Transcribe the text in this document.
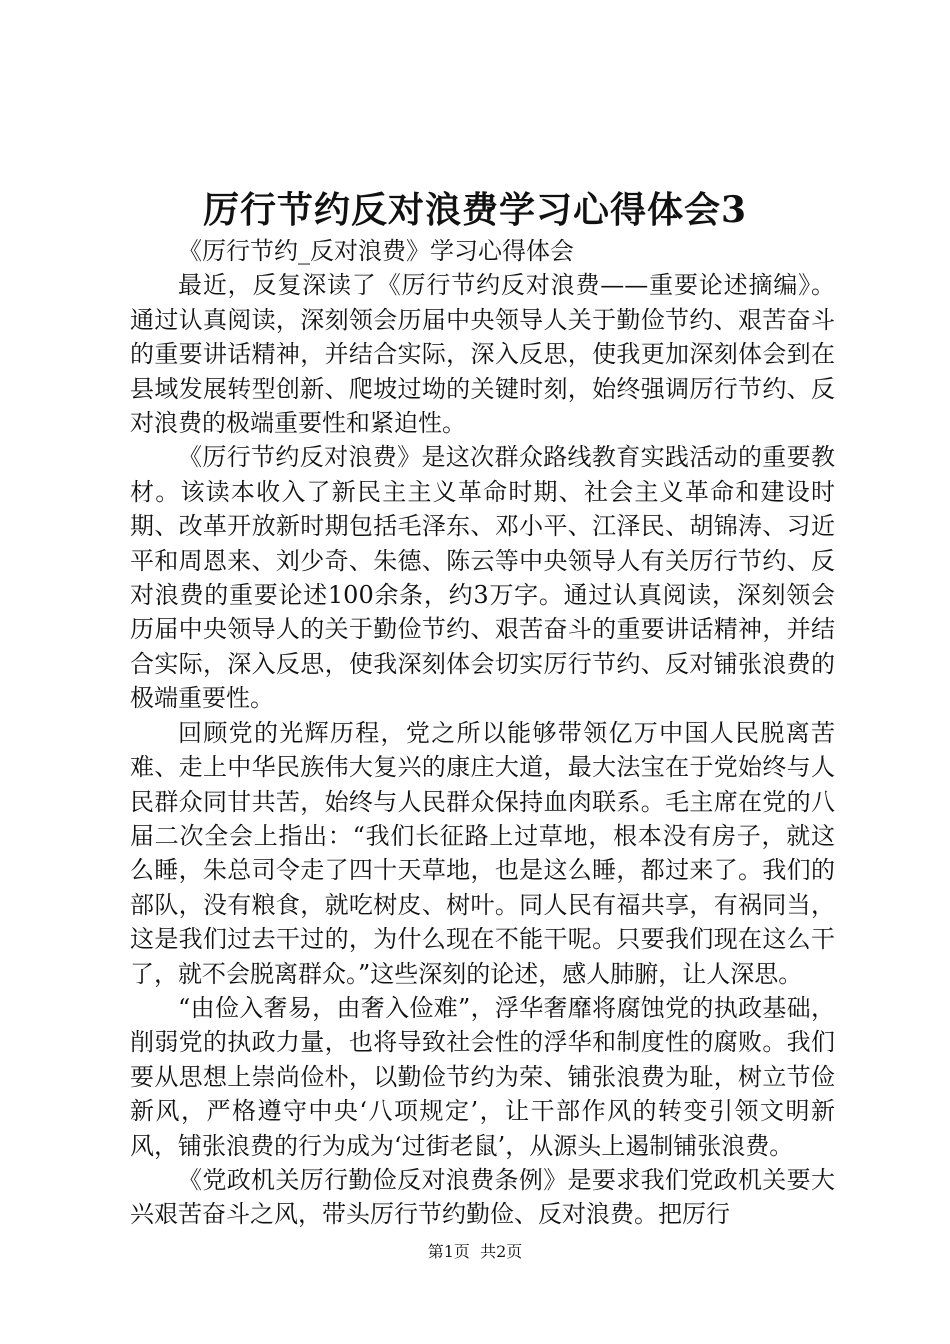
厉行节约反对浪费学习心得体会3

《厉行节约_反对浪费》学习心得体会

最近，反复深读了《厉行节约反对浪费——重要论述摘编》。通过认真阅读，深刻领会历届中央领导人关于勤俭节约、艰苦奋斗的重要讲话精神，并结合实际，深入反思，使我更加深刻体会到在县域发展转型创新、爬坡过坳的关键时刻，始终强调厉行节约、反对浪费的极端重要性和紧迫性。

《厉行节约反对浪费》是这次群众路线教育实践活动的重要教材。该读本收入了新民主主义革命时期、社会主义革命和建设时期、改革开放新时期包括毛泽东、邓小平、江泽民、胡锦涛、习近平和周恩来、刘少奇、朱德、陈云等中央领导人有关厉行节约、反对浪费的重要论述100余条，约3万字。通过认真阅读，深刻领会历届中央领导人的关于勤俭节约、艰苦奋斗的重要讲话精神，并结合实际，深入反思，使我深刻体会切实厉行节约、反对铺张浪费的极端重要性。

回顾党的光辉历程，党之所以能够带领亿万中国人民脱离苦难、走上中华民族伟大复兴的康庄大道，最大法宝在于党始终与人民群众同甘共苦，始终与人民群众保持血肉联系。毛主席在党的八届二次全会上指出：“我们长征路上过草地，根本没有房子，就这么睡，朱总司令走了四十天草地，也是这么睡，都过来了。我们的部队，没有粮食，就吃树皮、树叶。同人民有福共享，有祸同当，这是我们过去干过的，为什么现在不能干呢。只要我们现在这么干了，就不会脱离群众。”这些深刻的论述，感人肺腑，让人深思。

“由俭入奢易，由奢入俭难”，浮华奢靡将腐蚀党的执政基础，削弱党的执政力量，也将导致社会性的浮华和制度性的腐败。我们要从思想上崇尚俭朴，以勤俭节约为荣、铺张浪费为耻，树立节俭新风，严格遵守中央‘八项规定’，让干部作风的转变引领文明新风，铺张浪费的行为成为‘过街老鼠’，从源头上遏制铺张浪费。

《党政机关厉行勤俭反对浪费条例》是要求我们党政机关要大兴艰苦奋斗之风，带头厉行节约勤俭、反对浪费。把厉行

第1页 共2页
